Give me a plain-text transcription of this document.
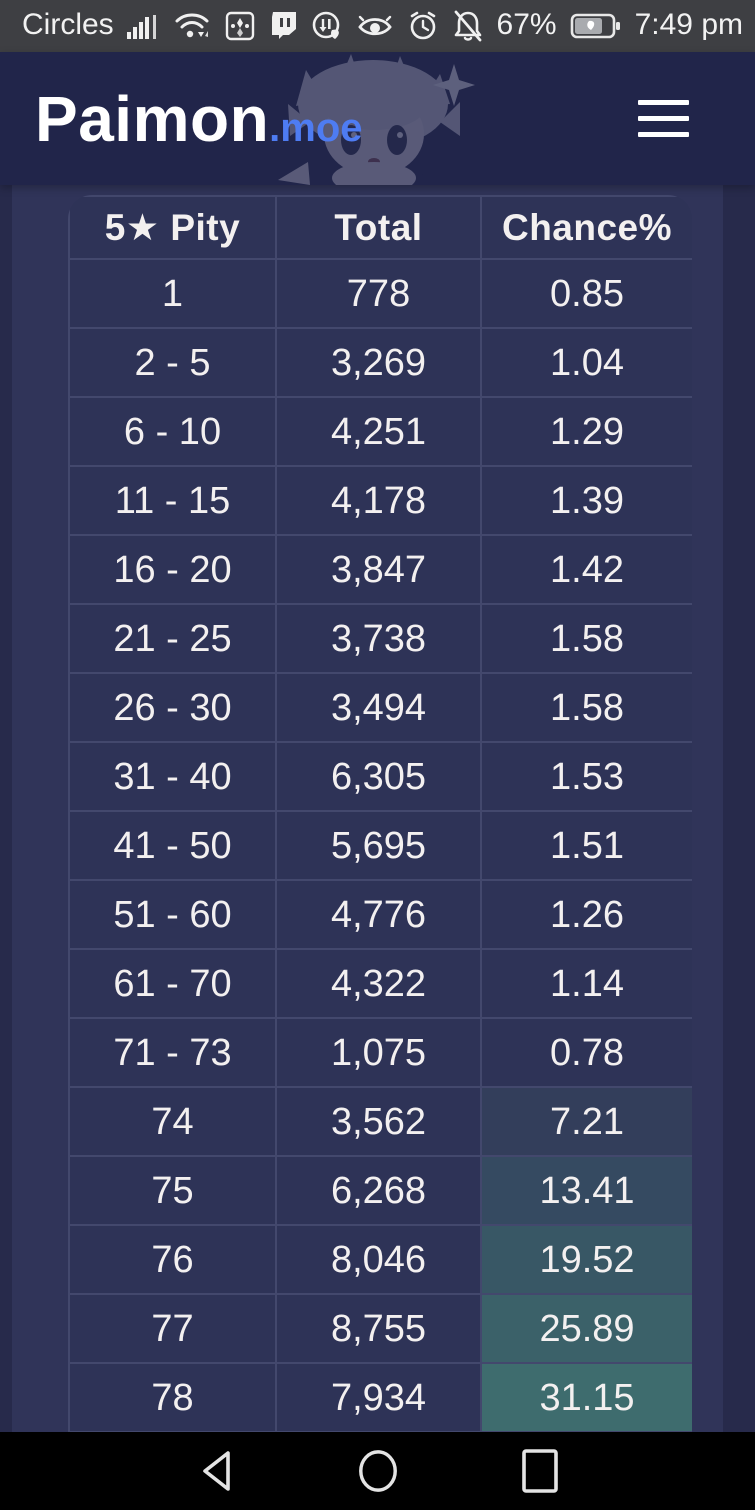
Circles	67%	7:49 pm
Paimon .moe
5★ Pity	Total	Chance%
1	778	0.85
2 - 5	3,269	1.04
6 - 10	4,251	1.29
11 - 15	4,178	1.39
16 - 20	3,847	1.42
21 - 25	3,738	1.58
26 - 30	3,494	1.58
31 - 40	6,305	1.53
41 - 50	5,695	1.51
51 - 60	4,776	1.26
61 - 70	4,322	1.14
71 - 73	1,075	0.78
74	3,562	7.21
75	6,268	13.41
76	8,046	19.52
77	8,755	25.89
78	7,934	31.15
